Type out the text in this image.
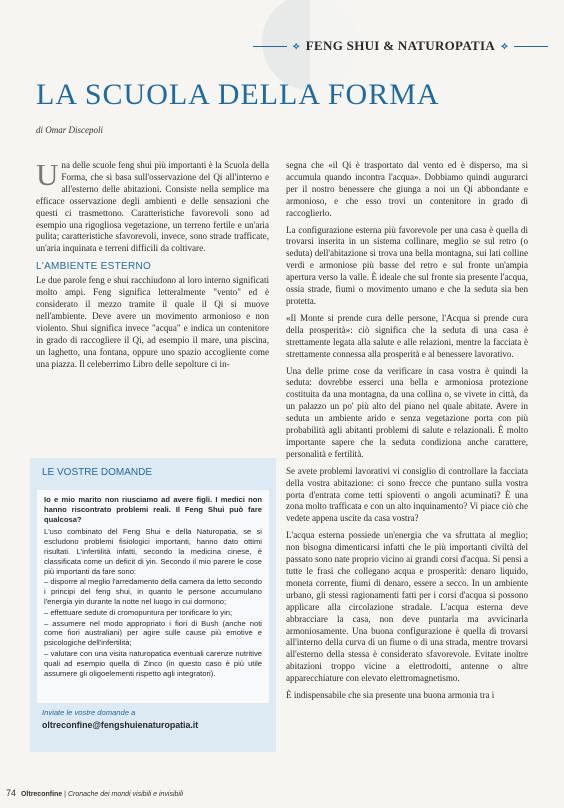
⟡ FENG SHUI & NATUROPATIA ⟡
LA SCUOLA DELLA FORMA
di Omar Discepoli

Una delle scuole feng shui più importanti è la Scuola della Forma, che si basa sull'osservazione del Qi all'interno e all'esterno delle abitazioni. Consiste nella semplice ma efficace osservazione degli ambienti e delle sensazioni che questi ci trasmettono. Caratteristiche favorevoli sono ad esempio una rigogliosa vegetazione, un terreno fertile e un'aria pulita; caratteristiche sfavorevoli, invece, sono strade trafficate, un'aria inquinata e terreni difficili da coltivare.

L'AMBIENTE ESTERNO

Le due parole feng e shui racchiudono al loro interno significati molto ampi. Feng significa letteralmente "vento" ed è considerato il mezzo tramite il quale il Qi si muove nell'ambiente. Deve avere un movimento armonioso e non violento. Shui significa invece "acqua" e indica un contenitore in grado di raccogliere il Qi, ad esempio il mare, una piscina, un laghetto, una fontana, oppure uno spazio accogliente come una piazza. Il celeberrimo Libro delle sepolture ci in-

LE VOSTRE DOMANDE

Io e mio marito non riusciamo ad avere figli. I medici non hanno riscontrato problemi reali. Il Feng Shui può fare qualcosa?

L'uso combinato del Feng Shui e della Naturopatia, se si escludono problemi fisiologici importanti, hanno dato ottimi risultati. L'infertilità infatti, secondo la medicina cinese, è classificata come un deficit di yin. Secondo il mio parere le cose più importanti da fare sono:

– disporre al meglio l'arredamento della camera da letto secondo i principi del feng shui, in quanto le persone accumulano l'energia yin durante la notte nel luogo in cui dormono;

– effettuare sedute di cromopuntura per tonificare lo yin;

– assumere nel modo appropriato i fiori di Bush (anche noti come fiori australiani) per agire sulle cause più emotive e psicologiche dell'infertilità;

– valutare con una visita naturopatica eventuali carenze nutritive quali ad esempio quella di Zinco (in questo caso è più utile assumere gli oligoelementi rispetto agli integratori).

Inviate le vostre domande a
oltreconfine@fengshuienaturopatia.it

segna che «il Qi è trasportato dal vento ed è disperso, ma si accumula quando incontra l'acqua». Dobbiamo quindi augurarci per il nostro benessere che giunga a noi un Qi abbondante e armonioso, e che esso trovi un contenitore in grado di raccoglierlo.

La configurazione esterna più favorevole per una casa è quella di trovarsi inserita in un sistema collinare, meglio se sul retro (o seduta) dell'abitazione si trova una bella montagna, sui lati colline verdi e armoniose più basse del retro e sul fronte un'ampia apertura verso la valle. È ideale che sul fronte sia presente l'acqua, ossia strade, fiumi o movimento umano e che la seduta sia ben protetta.

«Il Monte si prende cura delle persone, l'Acqua si prende cura della prosperità»: ciò significa che la seduta di una casa è strettamente legata alla salute e alle relazioni, mentre la facciata è strettamente connessa alla prosperità e al benessere lavorativo.

Una delle prime cose da verificare in casa vostra è quindi la seduta: dovrebbe esserci una bella e armoniosa protezione costituita da una montagna, da una collina o, se vivete in città, da un palazzo un po' più alto del piano nel quale abitate. Avere in seduta un ambiente arido e senza vegetazione porta con più probabilità agli abitanti problemi di salute e relazionali. È molto importante sapere che la seduta condiziona anche carattere, personalità e fertilità.

Se avete problemi lavorativi vi consiglio di controllare la facciata della vostra abitazione: ci sono frecce che puntano sulla vostra porta d'entrata come tetti spioventi o angoli acuminati? È una zona molto trafficata e con un alto inquinamento? Vi piace ciò che vedete appena uscite da casa vostra?

L'acqua esterna possiede un'energia che va sfruttata al meglio; non bisogna dimenticarsi infatti che le più importanti civiltà del passato sono nate proprio vicino ai grandi corsi d'acqua. Si pensi a tutte le frasi che collegano acqua e prosperità: denaro liquido, moneta corrente, fiumi di denaro, essere a secco. In un ambiente urbano, gli stessi ragionamenti fatti per i corsi d'acqua si possono applicare alla circolazione stradale. L'acqua esterna deve abbracciare la casa, non deve puntarla ma avvicinarla armoniosamente. Una buona configurazione è quella di trovarsi all'interno della curva di un fiume o di una strada, mentre trovarsi all'esterno della stessa è considerato sfavorevole. Evitate inoltre abitazioni troppo vicine a elettrodotti, antenne o altre apparecchiature con elevato elettromagnetismo.

È indispensabile che sia presente una buona armonia tra i

74 Oltreconfine | Cronache dei mondi visibili e invisibili
